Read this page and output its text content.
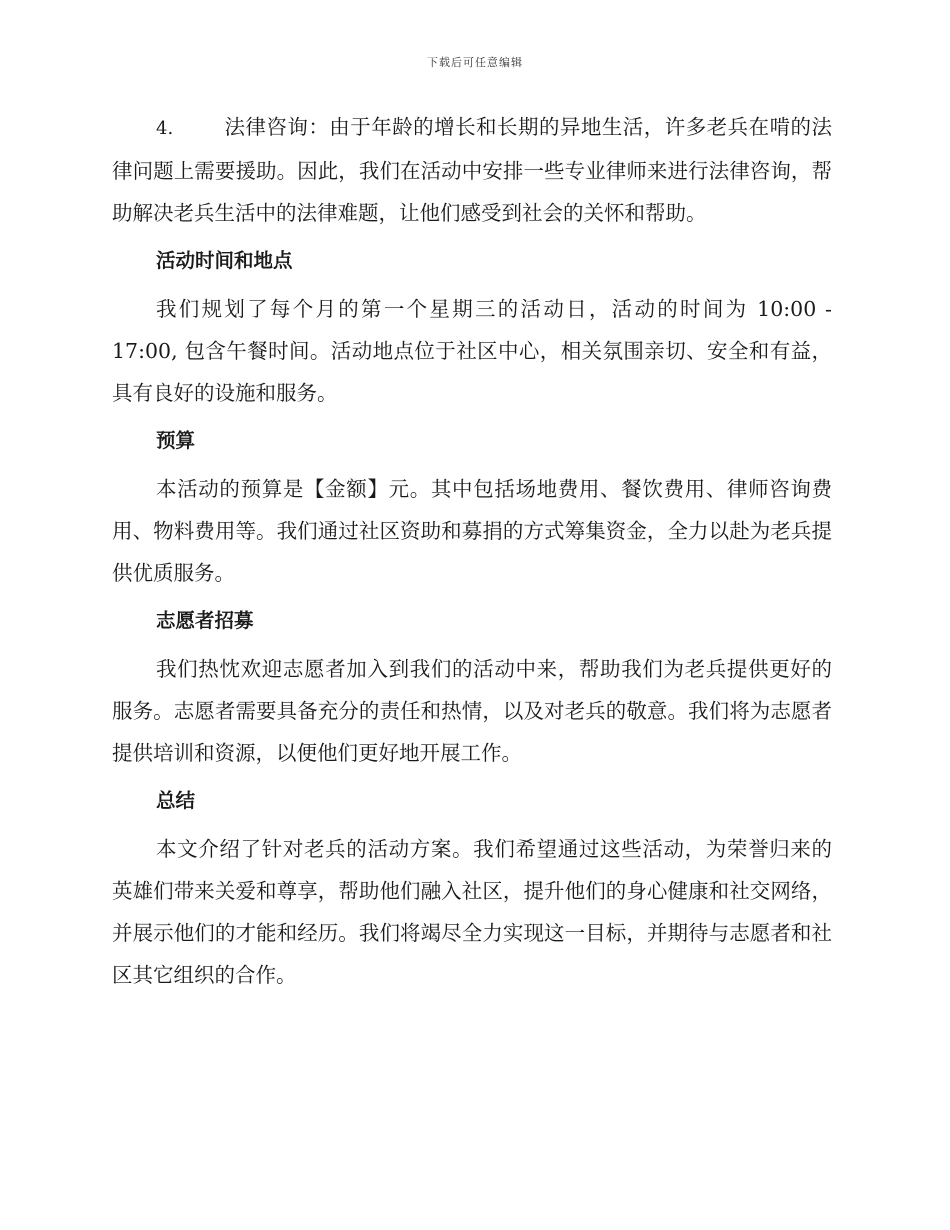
下载后可任意编辑

4. 法律咨询：由于年龄的增长和长期的异地生活，许多老兵在啃的法律问题上需要援助。因此，我们在活动中安排一些专业律师来进行法律咨询，帮助解决老兵生活中的法律难题，让他们感受到社会的关怀和帮助。

活动时间和地点

我们规划了每个月的第一个星期三的活动日，活动的时间为 10:00 - 17:00, 包含午餐时间。活动地点位于社区中心，相关氛围亲切、安全和有益，具有良好的设施和服务。

预算

本活动的预算是【金额】元。其中包括场地费用、餐饮费用、律师咨询费用、物料费用等。我们通过社区资助和募捐的方式筹集资金，全力以赴为老兵提供优质服务。

志愿者招募

我们热忱欢迎志愿者加入到我们的活动中来，帮助我们为老兵提供更好的服务。志愿者需要具备充分的责任和热情，以及对老兵的敬意。我们将为志愿者提供培训和资源，以便他们更好地开展工作。

总结

本文介绍了针对老兵的活动方案。我们希望通过这些活动，为荣誉归来的英雄们带来关爱和尊享，帮助他们融入社区，提升他们的身心健康和社交网络，并展示他们的才能和经历。我们将竭尽全力实现这一目标，并期待与志愿者和社区其它组织的合作。
